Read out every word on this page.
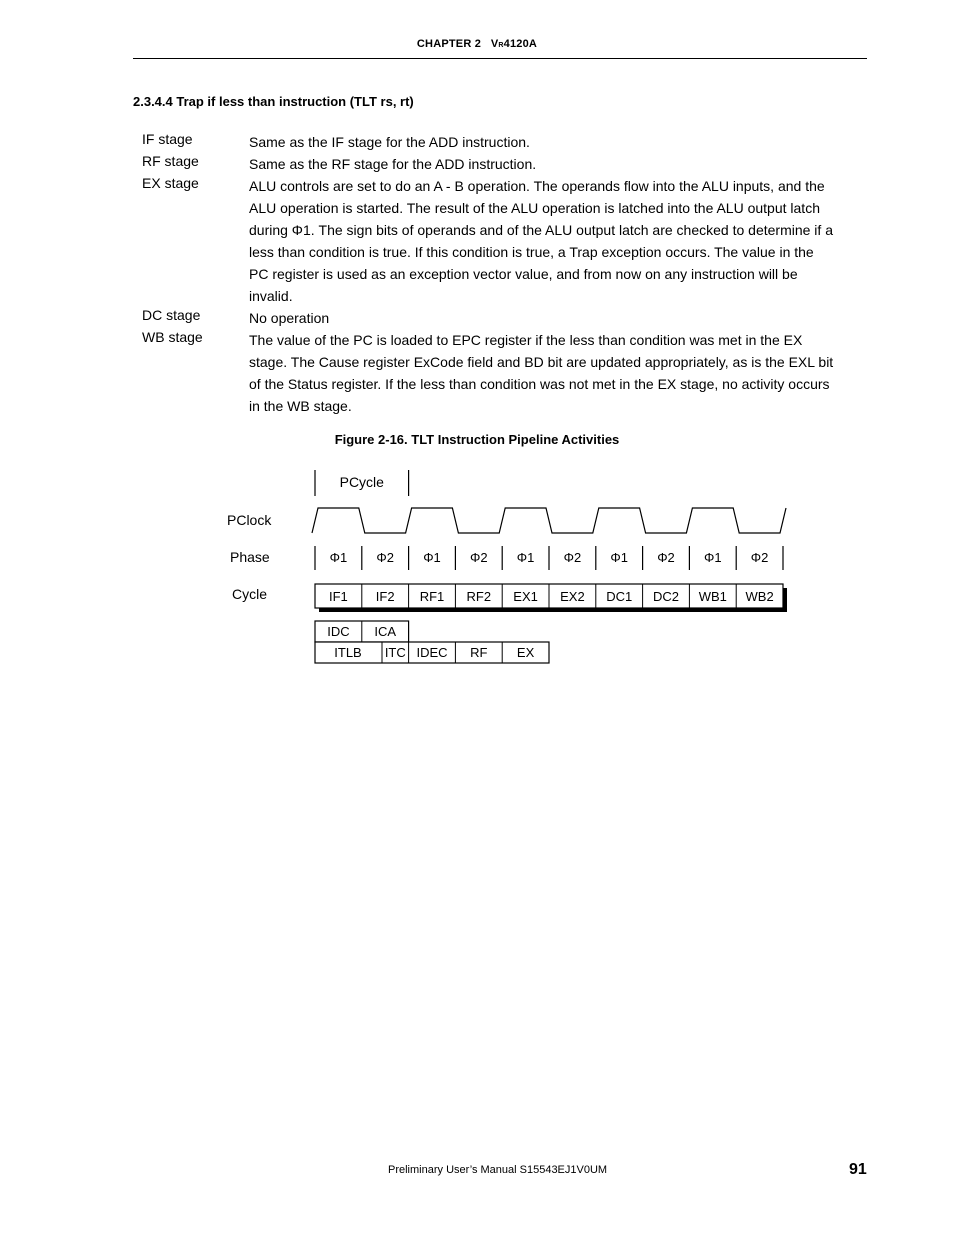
CHAPTER 2 VR4120A
2.3.4.4 Trap if less than instruction (TLT rs, rt)
IF stage	Same as the IF stage for the ADD instruction.
RF stage	Same as the RF stage for the ADD instruction.
EX stage	ALU controls are set to do an A - B operation. The operands flow into the ALU inputs, and the
ALU operation is started. The result of the ALU operation is latched into the ALU output latch
during Φ1. The sign bits of operands and of the ALU output latch are checked to determine if a
less than condition is true. If this condition is true, a Trap exception occurs. The value in the
PC register is used as an exception vector value, and from now on any instruction will be
invalid.
DC stage	No operation
WB stage	The value of the PC is loaded to EPC register if the less than condition was met in the EX
stage. The Cause register ExCode field and BD bit are updated appropriately, as is the EXL bit
of the Status register. If the less than condition was not met in the EX stage, no activity occurs
in the WB stage.
Figure 2-16. TLT Instruction Pipeline Activities
PClock
Phase
Cycle
PCycle
Φ1 Φ2 Φ1 Φ2 Φ1 Φ2 Φ1 Φ2 Φ1 Φ2
IF1 IF2 RF1 RF2 EX1 EX2 DC1 DC2 WB1 WB2
IDC ICA
ITLB ITC IDEC RF EX
Preliminary User’s Manual S15543EJ1V0UM	91
